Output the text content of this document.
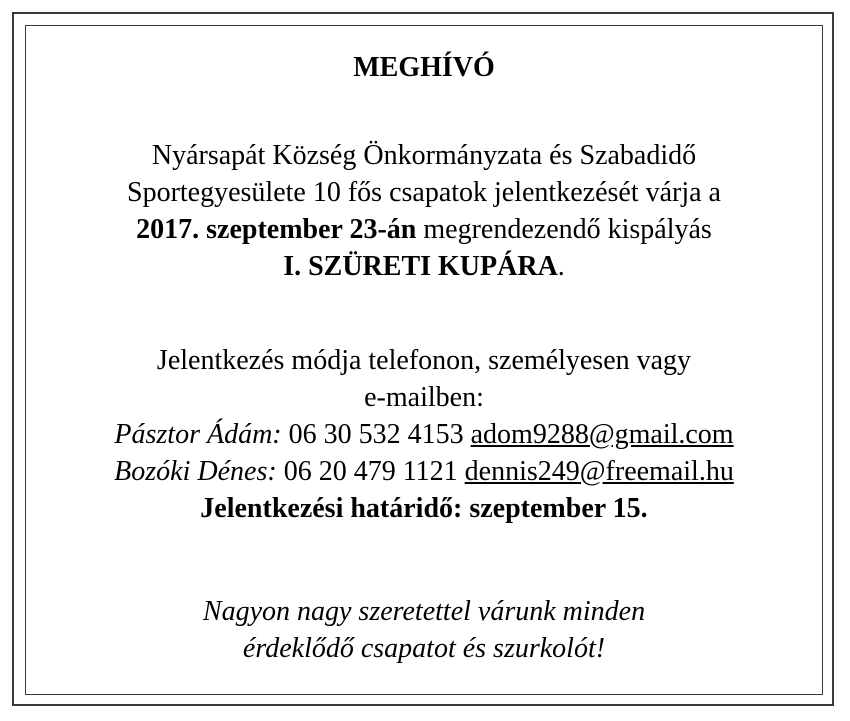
MEGHÍVÓ
Nyársapát Község Önkormányzata és Szabadidő
Sportegyesülete 10 fős csapatok jelentkezését várja a
2017. szeptember 23-án megrendezendő kispályás
I. SZÜRETI KUPÁRA.
Jelentkezés módja telefonon, személyesen vagy
e-mailben:
Pásztor Ádám: 06 30 532 4153 adom9288@gmail.com
Bozóki Dénes: 06 20 479 1121 dennis249@freemail.hu
Jelentkezési határidő: szeptember 15.
Nagyon nagy szeretettel várunk minden
érdeklődő csapatot és szurkolót!
